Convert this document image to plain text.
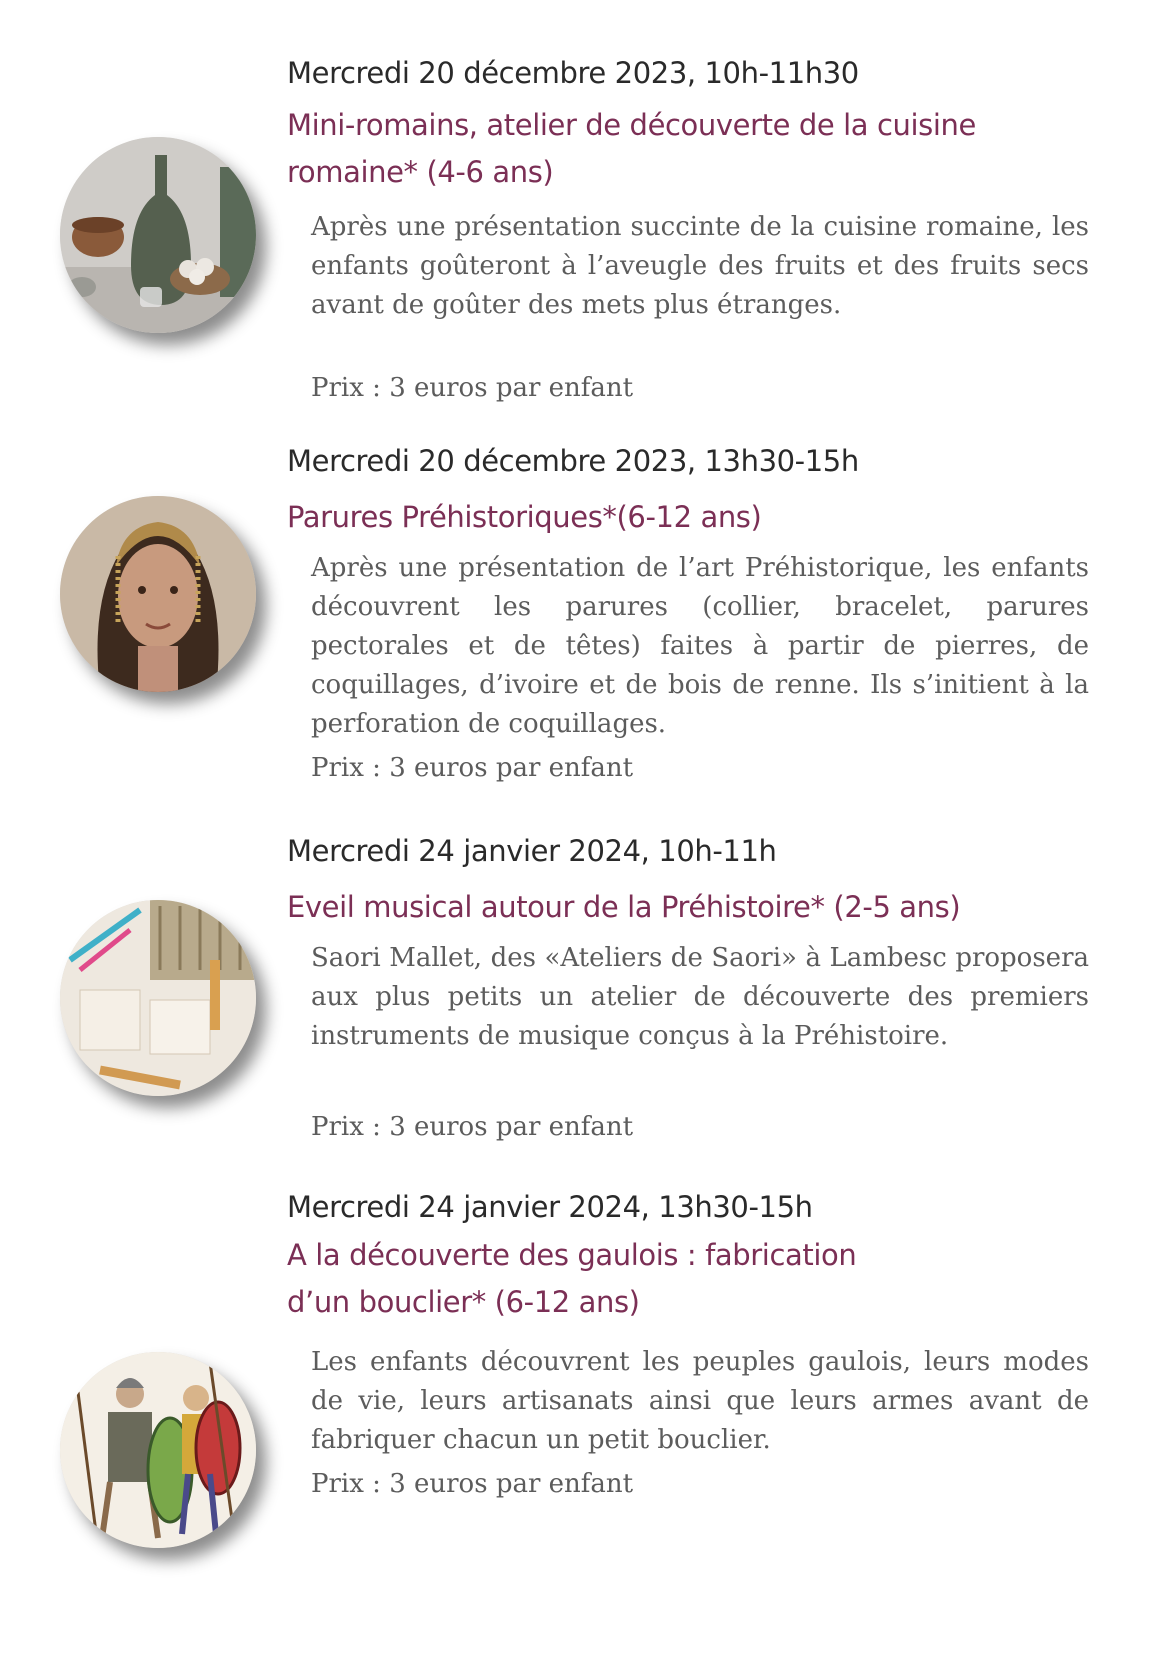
Mercredi 20 décembre 2023, 10h-11h30

Mini-romains, atelier de découverte de la cuisine
romaine* (4-6 ans)

Après une présentation succinte de la cuisine romaine, les enfants goûteront à l’aveugle des fruits et des fruits secs avant de goûter des mets plus étranges.

Prix : 3 euros par enfant

Mercredi 20 décembre 2023, 13h30-15h

Parures Préhistoriques*(6-12 ans)

Après une présentation de l’art Préhistorique, les enfants découvrent les parures (collier, bracelet, parures pectorales et de têtes) faites à partir de pierres, de coquillages, d’ivoire et de bois de renne. Ils s’initient à la perforation de coquillages.

Prix : 3 euros par enfant

Mercredi 24 janvier 2024, 10h-11h

Eveil musical autour de la Préhistoire* (2-5 ans)

Saori Mallet, des «Ateliers de Saori» à Lambesc proposera aux plus petits un atelier de découverte des premiers instruments de musique conçus à la Préhistoire.

Prix : 3 euros par enfant

Mercredi 24 janvier 2024, 13h30-15h

A la découverte des gaulois : fabrication
d’un bouclier* (6-12 ans)

Les enfants découvrent les peuples gaulois, leurs modes de vie, leurs artisanats ainsi que leurs armes avant de fabriquer chacun un petit bouclier.

Prix : 3 euros par enfant
